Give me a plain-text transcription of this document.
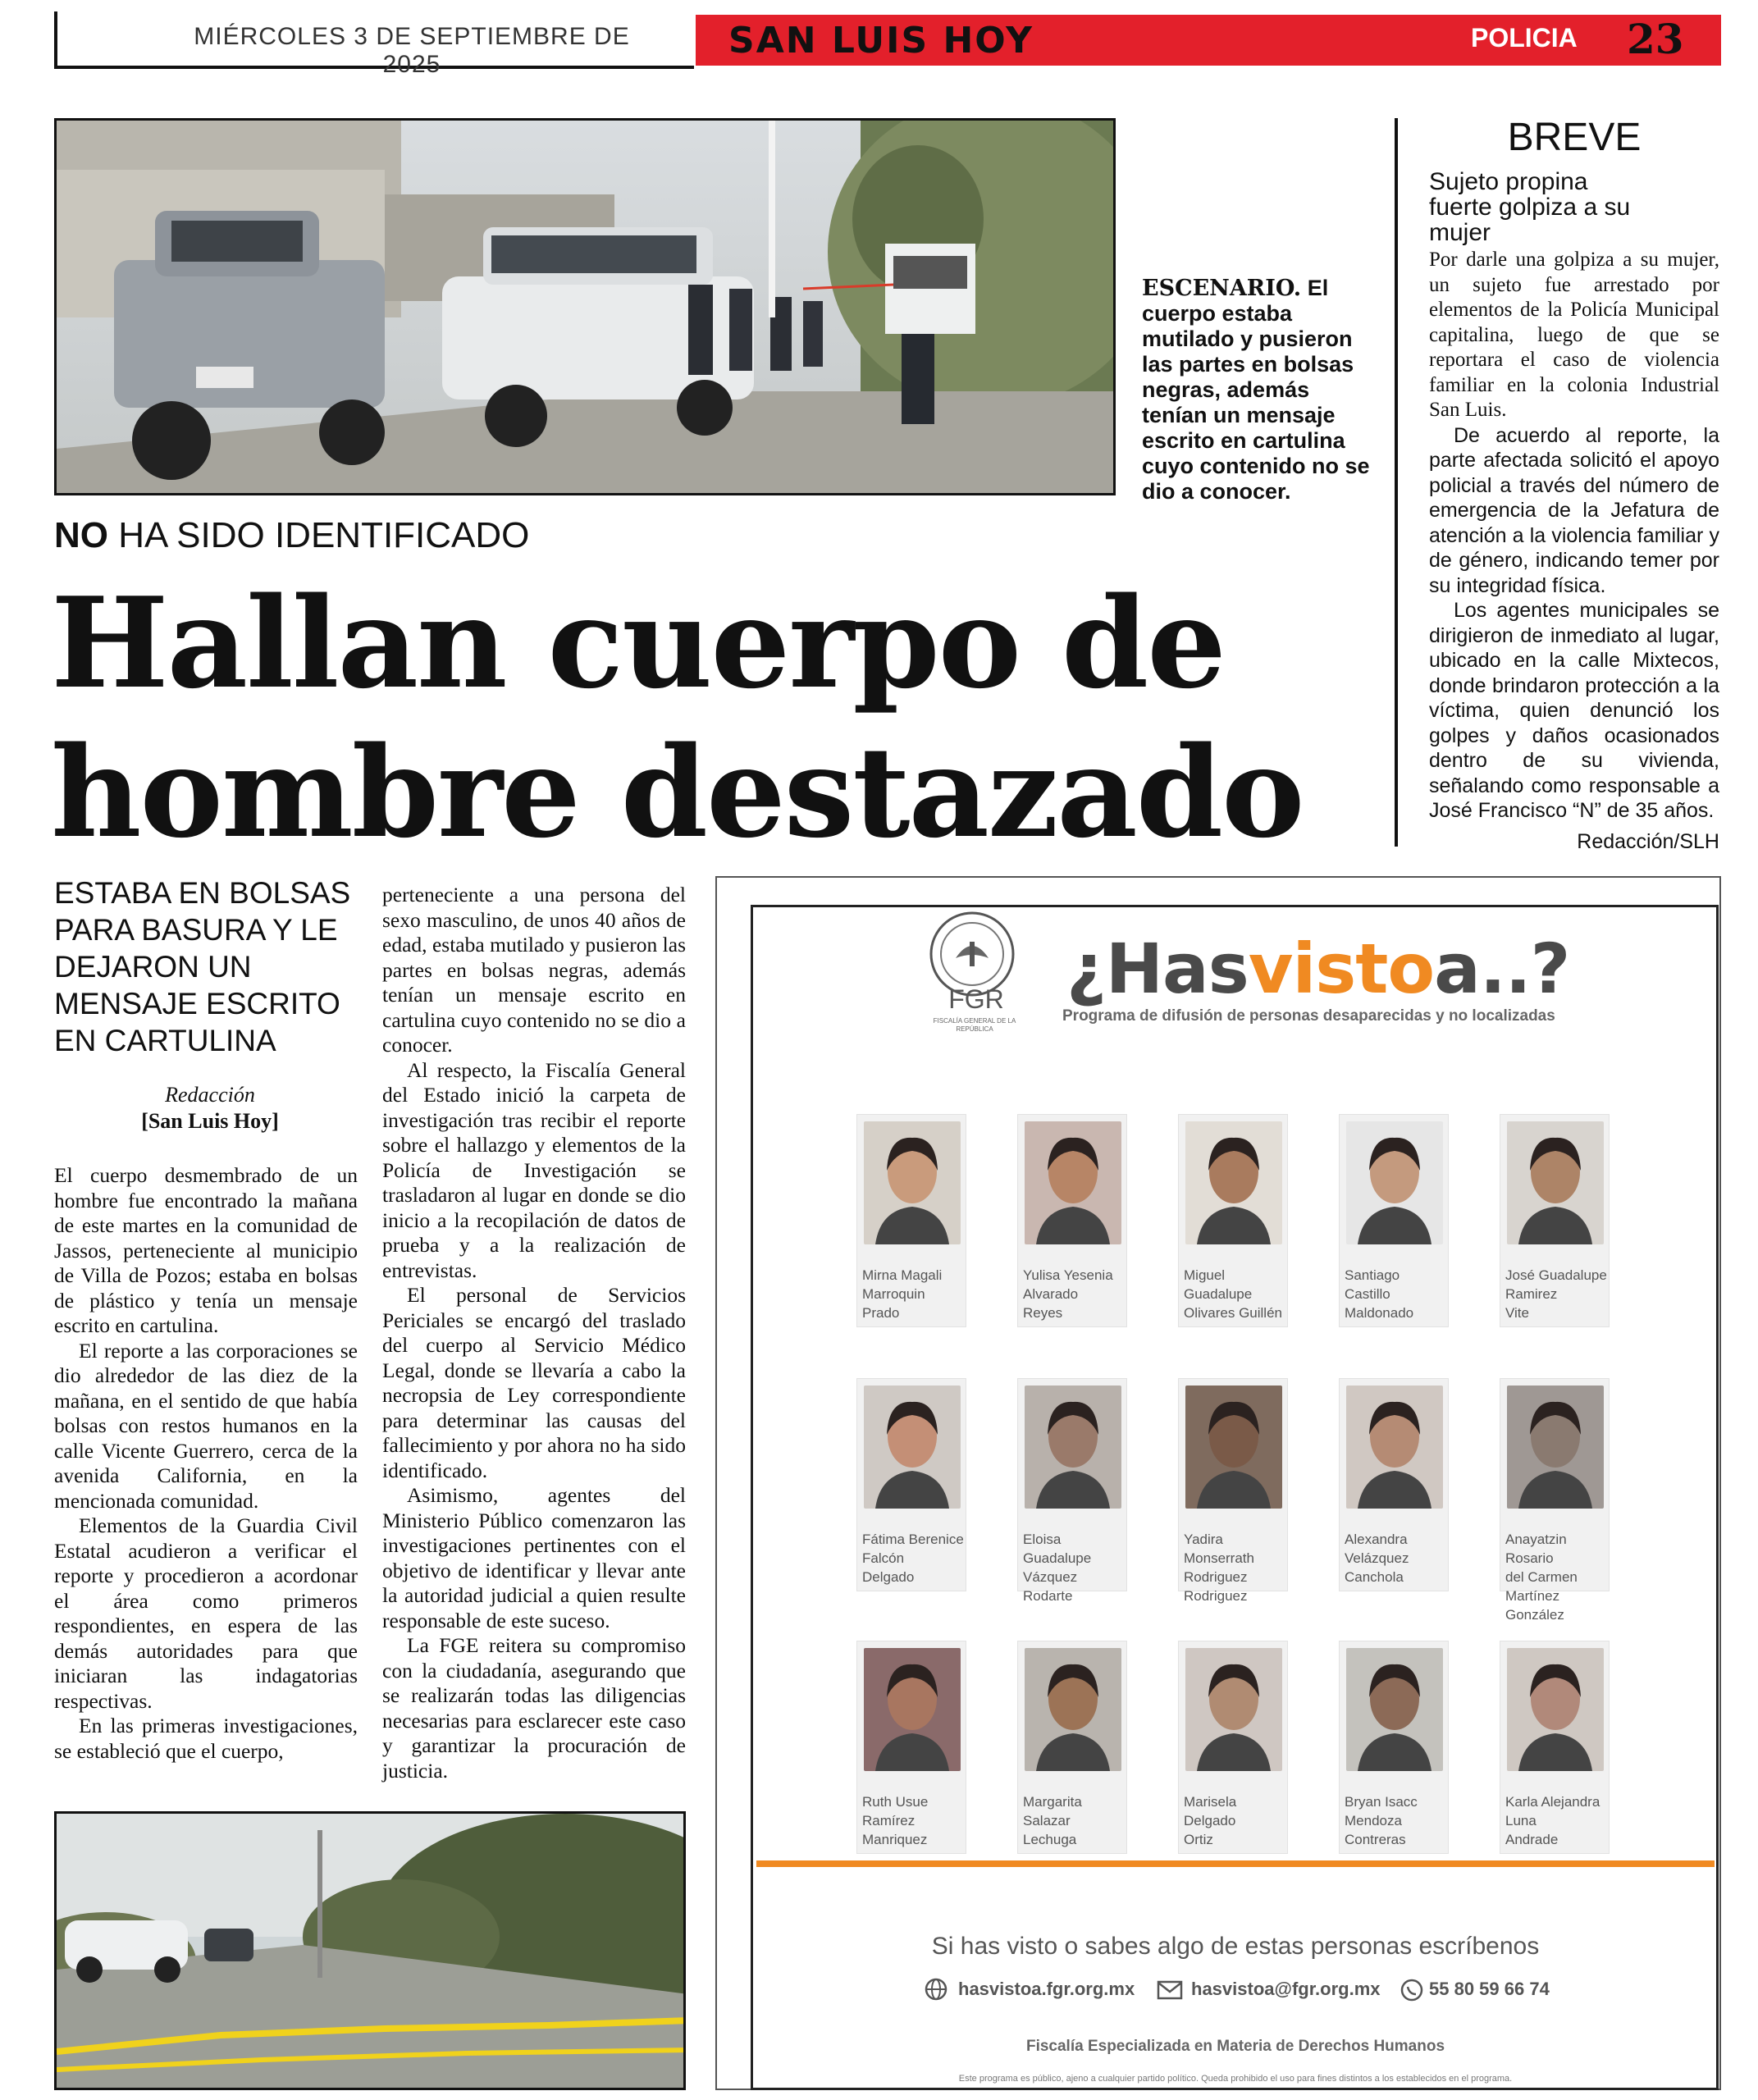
MIÉRCOLES 3 DE SEPTIEMBRE DE 2025
SAN LUIS HOY	POLICIA 23
ESCENARIO. El cuerpo estaba mutilado y pusieron las partes en bolsas negras, además tenían un mensaje escrito en cartulina cuyo contenido no se dio a conocer.
NO HA SIDO IDENTIFICADO
Hallan cuerpo de
hombre destazado
ESTABA EN BOLSAS PARA BASURA Y LE DEJARON UN MENSAJE ESCRITO EN CARTULINA
Redacción
[San Luis Hoy]

El cuerpo desmembrado de un hombre fue encontrado la mañana de este martes en la comunidad de Jassos, perteneciente al municipio de Villa de Pozos; estaba en bolsas de plástico y tenía un mensaje escrito en cartulina.

El reporte a las corporaciones se dio alrededor de las diez de la mañana, en el sentido de que había bolsas con restos humanos en la calle Vicente Guerrero, cerca de la avenida California, en la mencionada comunidad.

Elementos de la Guardia Civil Estatal acudieron a verificar el reporte y procedieron a acordonar el área como primeros respondientes, en espera de las demás autoridades para que iniciaran las indagatorias respectivas.

En las primeras investigaciones, se estableció que el cuerpo,

perteneciente a una persona del sexo masculino, de unos 40 años de edad, estaba mutilado y pusieron las partes en bolsas negras, además tenían un mensaje escrito en cartulina cuyo contenido no se dio a conocer.

Al respecto, la Fiscalía General del Estado inició la carpeta de investigación tras recibir el reporte sobre el hallazgo y elementos de la Policía de Investigación se trasladaron al lugar en donde se dio inicio a la recopilación de datos de prueba y a la realización de entrevistas.

El personal de Servicios Periciales se encargó del traslado del cuerpo al Servicio Médico Legal, donde se llevaría a cabo la necropsia de Ley correspondiente para determinar las causas del fallecimiento y por ahora no ha sido identificado.

Asimismo, agentes del Ministerio Público comenzaron las investigaciones pertinentes con el objetivo de identificar y llevar ante la autoridad judicial a quien resulte responsable de este suceso.

La FGE reitera su compromiso con la ciudadanía, asegurando que se realizarán todas las diligencias necesarias para esclarecer este caso y garantizar la procuración de justicia.

BREVE
Sujeto propina fuerte golpiza a su mujer

Por darle una golpiza a su mujer, un sujeto fue arrestado por elementos de la Policía Municipal capitalina, luego de que se reportara el caso de violencia familiar en la colonia Industrial San Luis.

De acuerdo al reporte, la parte afectada solicitó el apoyo policial a través del número de emergencia de la Jefatura de atención a la violencia familiar y de género, indicando temer por su integridad física.

Los agentes municipales se dirigieron de inmediato al lugar, ubicado en la calle Mixtecos, donde brindaron protección a la víctima, quien denunció los golpes y daños ocasionados dentro de su vivienda, señalando como responsable a José Francisco “N” de 35 años.

Redacción/SLH
FGR
FISCALÍA GENERAL DE LA REPÚBLICA
¿Hasvistoa..?
Programa de difusión de personas desaparecidas y no localizadas
Mirna Magali
Marroquin
Prado
Yulisa Yesenia
Alvarado
Reyes
Miguel
Guadalupe
Olivares Guillén
Santiago
Castillo
Maldonado
José Guadalupe
Ramirez
Vite
Fátima Berenice
Falcón
Delgado
Eloisa Guadalupe
Vázquez
Rodarte
Yadira Monserrath
Rodriguez
Rodriguez
Alexandra
Velázquez
Canchola
Anayatzin Rosario
del Carmen
Martínez González
Ruth Usue
Ramírez
Manriquez
Margarita
Salazar
Lechuga
Marisela
Delgado
Ortiz
Bryan Isacc
Mendoza
Contreras
Karla Alejandra
Luna
Andrade
Si has visto o sabes algo de estas personas escríbenos
hasvistoa.fgr.org.mx	hasvistoa@fgr.org.mx	55 80 59 66 74
Fiscalía Especializada en Materia de Derechos Humanos
Este programa es público, ajeno a cualquier partido político. Queda prohibido el uso para fines distintos a los establecidos en el programa.
